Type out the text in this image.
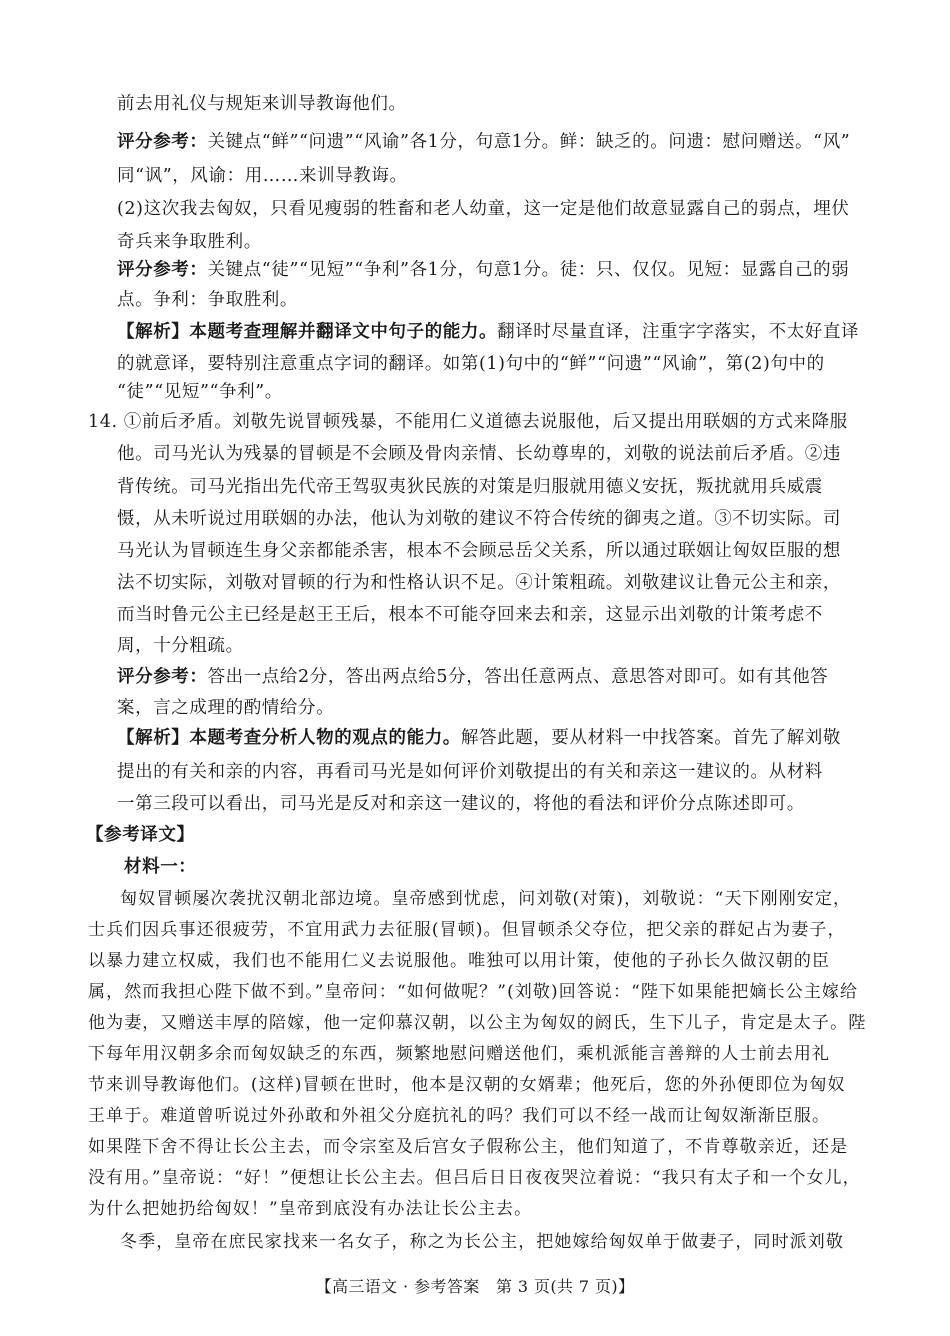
前去用礼仪与规矩来训导教诲他们。
评分参考：关键点“鲜”“问遗”“风谕”各1分，句意1分。鲜：缺乏的。问遗：慰问赠送。“风”
同“讽”，风谕：用……来训导教诲。
(2)这次我去匈奴，只看见瘦弱的牲畜和老人幼童，这一定是他们故意显露自己的弱点，埋伏
奇兵来争取胜利。
评分参考：关键点“徒”“见短”“争利”各1分，句意1分。徒：只、仅仅。见短：显露自己的弱
点。争利：争取胜利。
【解析】本题考查理解并翻译文中句子的能力。翻译时尽量直译，注重字字落实，不太好直译
的就意译，要特别注意重点字词的翻译。如第(1)句中的“鲜”“问遗”“风谕”，第(2)句中的
“徒”“见短”“争利”。
14. ①前后矛盾。刘敬先说冒顿残暴，不能用仁义道德去说服他，后又提出用联姻的方式来降服
他。司马光认为残暴的冒顿是不会顾及骨肉亲情、长幼尊卑的，刘敬的说法前后矛盾。②违
背传统。司马光指出先代帝王驾驭夷狄民族的对策是归服就用德义安抚，叛扰就用兵威震
慑，从未听说过用联姻的办法，他认为刘敬的建议不符合传统的御夷之道。③不切实际。司
马光认为冒顿连生身父亲都能杀害，根本不会顾忌岳父关系，所以通过联姻让匈奴臣服的想
法不切实际，刘敬对冒顿的行为和性格认识不足。④计策粗疏。刘敬建议让鲁元公主和亲，
而当时鲁元公主已经是赵王王后，根本不可能夺回来去和亲，这显示出刘敬的计策考虑不
周，十分粗疏。
评分参考：答出一点给2分，答出两点给5分，答出任意两点、意思答对即可。如有其他答
案，言之成理的酌情给分。
【解析】本题考查分析人物的观点的能力。解答此题，要从材料一中找答案。首先了解刘敬
提出的有关和亲的内容，再看司马光是如何评价刘敬提出的有关和亲这一建议的。从材料
一第三段可以看出，司马光是反对和亲这一建议的，将他的看法和评价分点陈述即可。
【参考译文】
材料一：
匈奴冒顿屡次袭扰汉朝北部边境。皇帝感到忧虑，问刘敬(对策)，刘敬说：“天下刚刚安定，
士兵们因兵事还很疲劳，不宜用武力去征服(冒顿)。但冒顿杀父夺位，把父亲的群妃占为妻子，
以暴力建立权威，我们也不能用仁义去说服他。唯独可以用计策，使他的子孙长久做汉朝的臣
属，然而我担心陛下做不到。”皇帝问：“如何做呢？”(刘敬)回答说：“陛下如果能把嫡长公主嫁给
他为妻，又赠送丰厚的陪嫁，他一定仰慕汉朝，以公主为匈奴的阏氏，生下儿子，肯定是太子。陛
下每年用汉朝多余而匈奴缺乏的东西，频繁地慰问赠送他们，乘机派能言善辩的人士前去用礼
节来训导教诲他们。(这样)冒顿在世时，他本是汉朝的女婿辈；他死后，您的外孙便即位为匈奴
王单于。难道曾听说过外孙敢和外祖父分庭抗礼的吗？我们可以不经一战而让匈奴渐渐臣服。
如果陛下舍不得让长公主去，而令宗室及后宫女子假称公主，他们知道了，不肯尊敬亲近，还是
没有用。”皇帝说：“好！”便想让长公主去。但吕后日日夜夜哭泣着说：“我只有太子和一个女儿，
为什么把她扔给匈奴！”皇帝到底没有办法让长公主去。
冬季，皇帝在庶民家找来一名女子，称之为长公主，把她嫁给匈奴单于做妻子，同时派刘敬
【高三语文 · 参考答案　第 3 页(共 7 页)】
